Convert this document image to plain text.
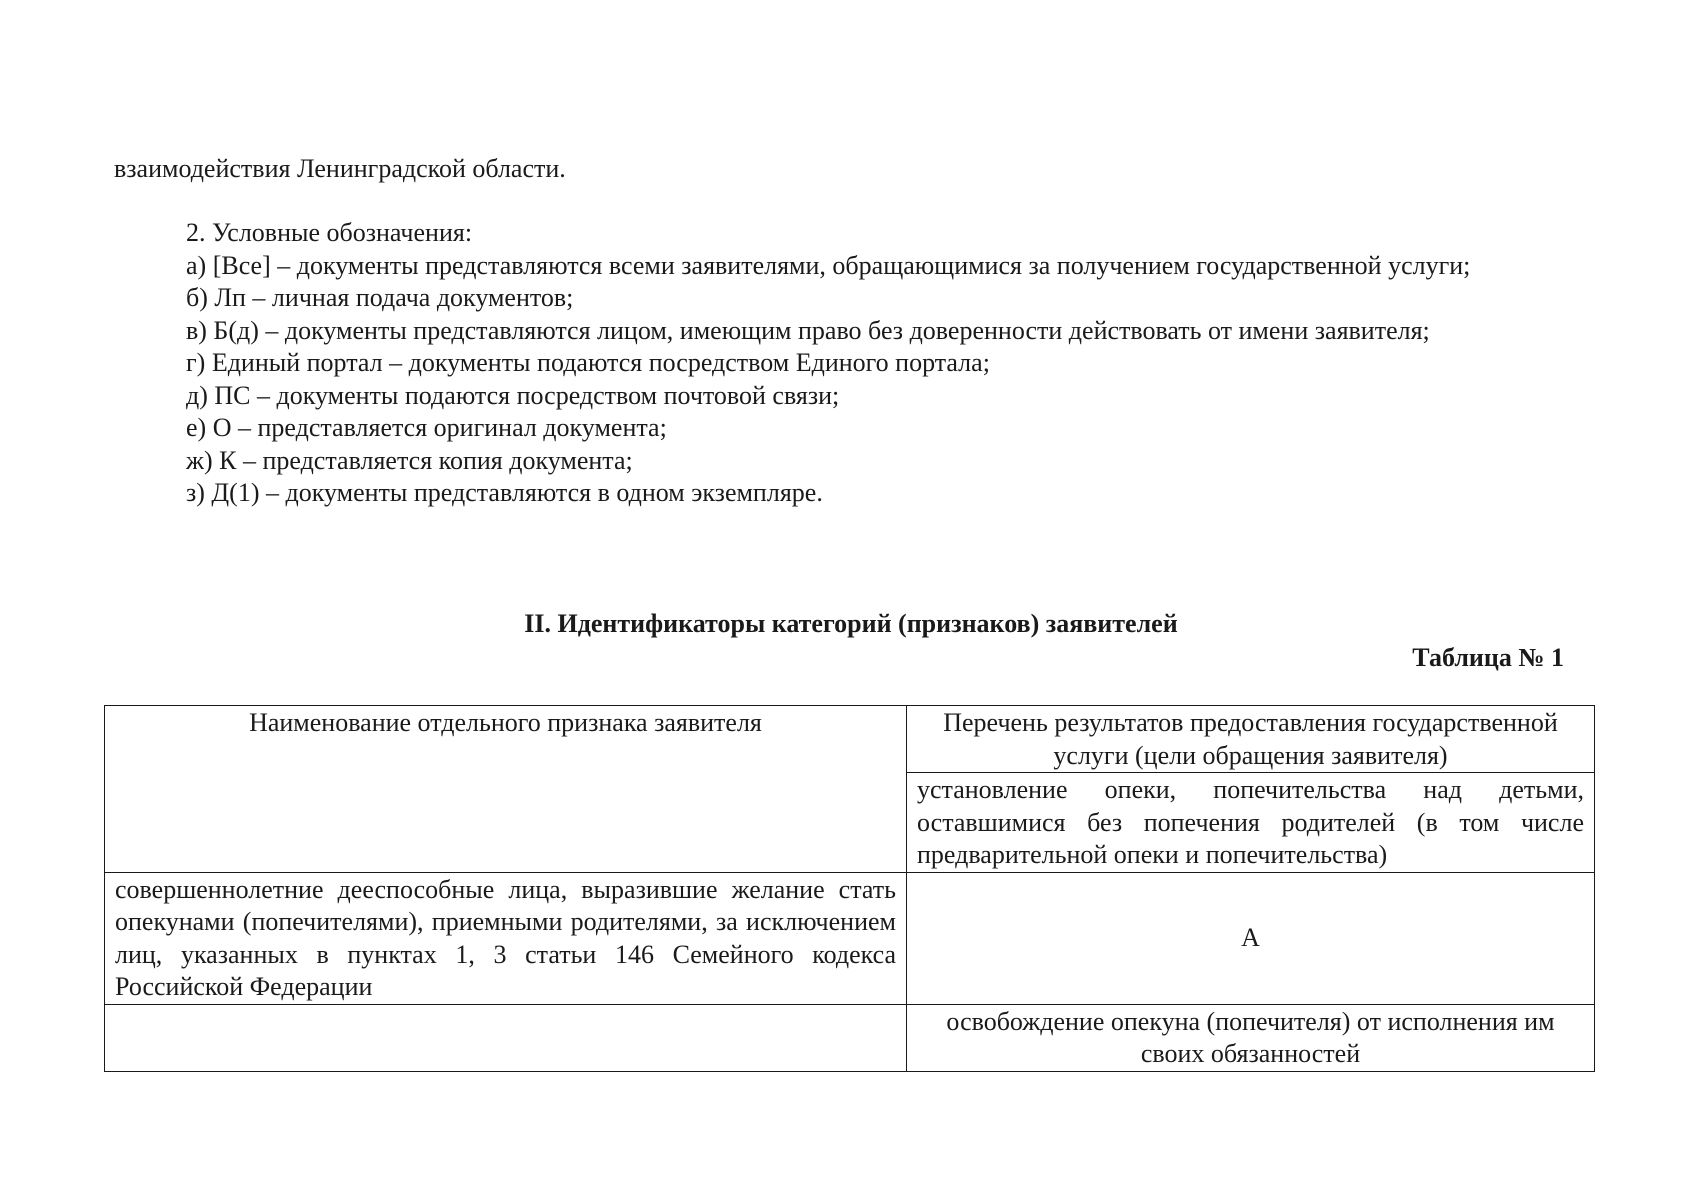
взаимодействия Ленинградской области.

2. Условные обозначения:

а) [Все] – документы представляются всеми заявителями, обращающимися за получением государственной услуги;

б) Лп – личная подача документов;

в) Б(д) – документы представляются лицом, имеющим право без доверенности действовать от имени заявителя;

г) Единый портал – документы подаются посредством Единого портала;

д) ПС – документы подаются посредством почтовой связи;

е) О – представляется оригинал документа;

ж) К – представляется копия документа;

з) Д(1) – документы представляются в одном экземпляре.

II. Идентификаторы категорий (признаков) заявителей
Таблица № 1
Наименование отдельного признака заявителя	Перечень результатов предоставления государственной услуги (цели обращения заявителя)
	установление опеки, попечительства над детьми, оставшимися без попечения родителей (в том числе предварительной опеки и попечительства)
совершеннолетние дееспособные лица, выразившие желание стать опекунами (попечителями), приемными родителями, за исключением лиц, указанных в пунктах 1, 3 статьи 146 Семейного кодекса Российской Федерации	А
	освобождение опекуна (попечителя) от исполнения им своих обязанностей
